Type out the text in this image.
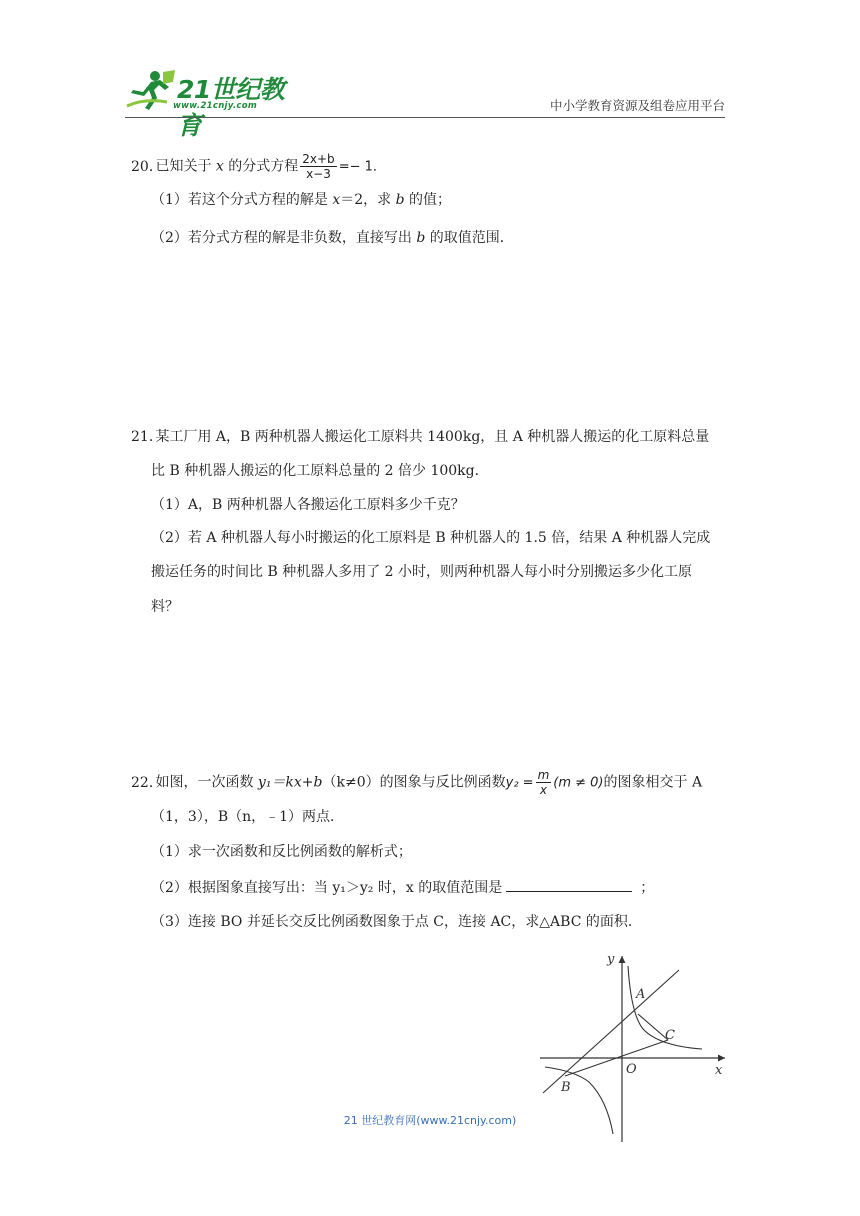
21世纪教育
www.21cnjy.com	中小学教育资源及组卷应用平台
20． 已知关于 x 的分式方程 $\frac{2x+b}{x-3} =- 1$．
（1）若这个分式方程的解是 x＝2，求 b 的值；
（2）若分式方程的解是非负数，直接写出 b 的取值范围．
21． 某工厂用 A，B 两种机器人搬运化工原料共 1400kg，且 A 种机器人搬运的化工原料总量
比 B 种机器人搬运的化工原料总量的 2 倍少 100kg．
（1）A，B 两种机器人各搬运化工原料多少千克？
（2）若 A 种机器人每小时搬运的化工原料是 B 种机器人的 1.5 倍，结果 A 种机器人完成
搬运任务的时间比 B 种机器人多用了 2 小时，则两种机器人每小时分别搬运多少化工原
料？
22． 如图，一次函数 y₁＝kx+b（k≠0）的图象与反比例函数$y_2 = \frac{m}{x} (m \ne 0)$的图象相交于 A
（1，3），B（n，﹣1）两点．
（1）求一次函数和反比例函数的解析式；
（2）根据图象直接写出：当 y₁＞y₂ 时，x 的取值范围是	；
（3）连接 BO 并延长交反比例函数图象于点 C，连接 AC，求△ABC 的面积．
y
x
O
A
B
C
21 世纪教育网(www.21cnjy.com)
